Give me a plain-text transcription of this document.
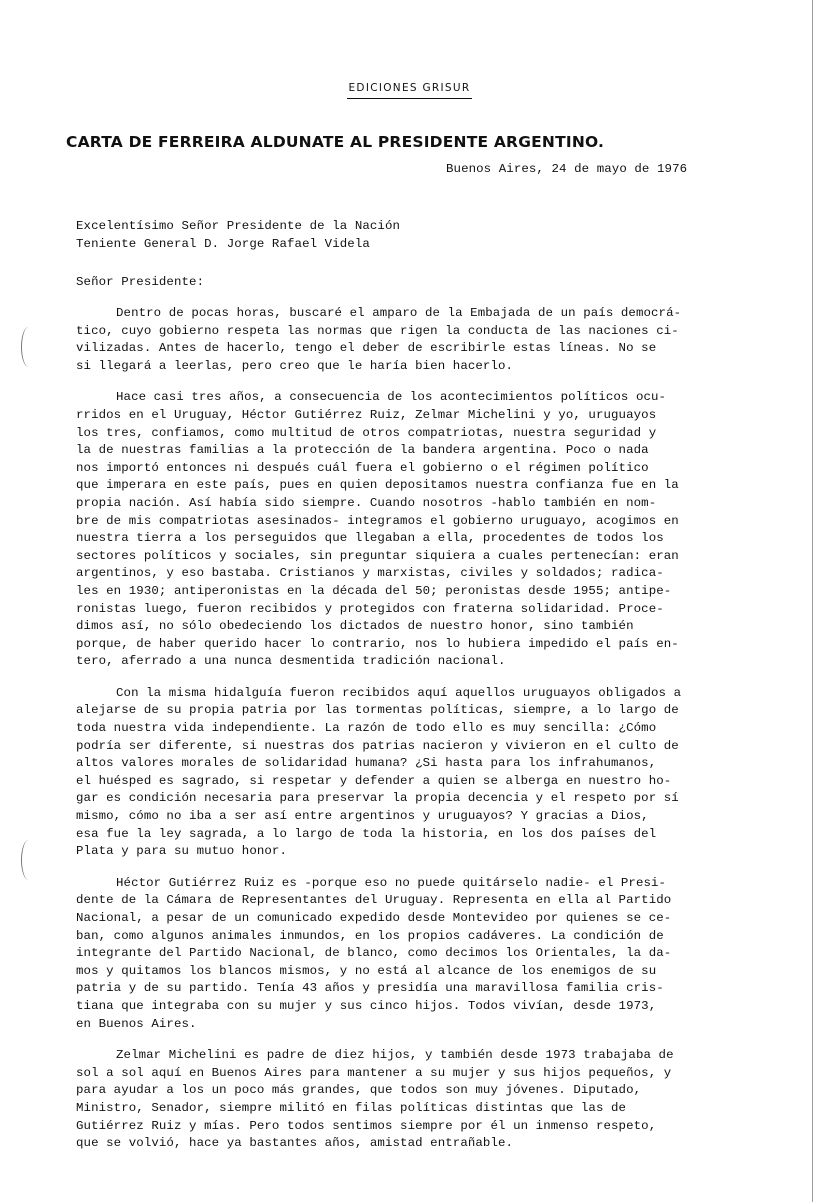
EDICIONES GRISUR
CARTA DE FERREIRA ALDUNATE AL PRESIDENTE ARGENTINO.
Buenos Aires, 24 de mayo de 1976
Excelentísimo Señor Presidente de la Nación
Teniente General D. Jorge Rafael Videla
Señor Presidente:
Dentro de pocas horas, buscaré el amparo de la Embajada de un país democrá-
tico, cuyo gobierno respeta las normas que rigen la conducta de las naciones ci-
vilizadas. Antes de hacerlo, tengo el deber de escribirle estas líneas. No se
si llegará a leerlas, pero creo que le haría bien hacerlo.
Hace casi tres años, a consecuencia de los acontecimientos políticos ocu-
rridos en el Uruguay, Héctor Gutiérrez Ruiz, Zelmar Michelini y yo, uruguayos
los tres, confiamos, como multitud de otros compatriotas, nuestra seguridad y
la de nuestras familias a la protección de la bandera argentina. Poco o nada
nos importó entonces ni después cuál fuera el gobierno o el régimen político
que imperara en este país, pues en quien depositamos nuestra confianza fue en la
propia nación. Así había sido siempre. Cuando nosotros -hablo también en nom-
bre de mis compatriotas asesinados- integramos el gobierno uruguayo, acogimos en
nuestra tierra a los perseguidos que llegaban a ella, procedentes de todos los
sectores políticos y sociales, sin preguntar siquiera a cuales pertenecían: eran
argentinos, y eso bastaba. Cristianos y marxistas, civiles y soldados; radica-
les en 1930; antiperonistas en la década del 50; peronistas desde 1955; antipe-
ronistas luego, fueron recibidos y protegidos con fraterna solidaridad. Proce-
dimos así, no sólo obedeciendo los dictados de nuestro honor, sino también
porque, de haber querido hacer lo contrario, nos lo hubiera impedido el país en-
tero, aferrado a una nunca desmentida tradición nacional.
Con la misma hidalguía fueron recibidos aquí aquellos uruguayos obligados a
alejarse de su propia patria por las tormentas políticas, siempre, a lo largo de
toda nuestra vida independiente. La razón de todo ello es muy sencilla: ¿Cómo
podría ser diferente, si nuestras dos patrias nacieron y vivieron en el culto de
altos valores morales de solidaridad humana? ¿Si hasta para los infrahumanos,
el huésped es sagrado, si respetar y defender a quien se alberga en nuestro ho-
gar es condición necesaria para preservar la propia decencia y el respeto por sí
mismo, cómo no iba a ser así entre argentinos y uruguayos? Y gracias a Dios,
esa fue la ley sagrada, a lo largo de toda la historia, en los dos países del
Plata y para su mutuo honor.
Héctor Gutiérrez Ruiz es -porque eso no puede quitárselo nadie- el Presi-
dente de la Cámara de Representantes del Uruguay. Representa en ella al Partido
Nacional, a pesar de un comunicado expedido desde Montevideo por quienes se ce-
ban, como algunos animales inmundos, en los propios cadáveres. La condición de
integrante del Partido Nacional, de blanco, como decimos los Orientales, la da-
mos y quitamos los blancos mismos, y no está al alcance de los enemigos de su
patria y de su partido. Tenía 43 años y presidía una maravillosa familia cris-
tiana que integraba con su mujer y sus cinco hijos. Todos vivían, desde 1973,
en Buenos Aires.
Zelmar Michelini es padre de diez hijos, y también desde 1973 trabajaba de
sol a sol aquí en Buenos Aires para mantener a su mujer y sus hijos pequeños, y
para ayudar a los un poco más grandes, que todos son muy jóvenes. Diputado,
Ministro, Senador, siempre militó en filas políticas distintas que las de
Gutiérrez Ruiz y mías. Pero todos sentimos siempre por él un inmenso respeto,
que se volvió, hace ya bastantes años, amistad entrañable.
